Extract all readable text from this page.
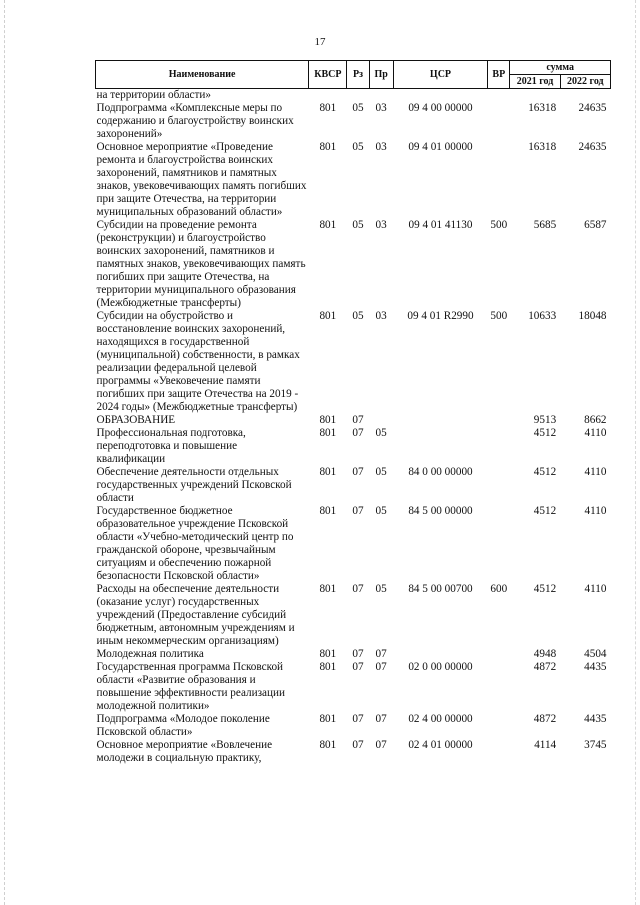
17
Наименование	КВСР	Рз	Пр	ЦСР	ВР	сумма	
						2021 год	2022 год
на территории области»							
Подпрограмма «Комплексные меры по содержанию и благоустройству воинских захоронений»	801	05	03	09 4 00 00000		16318	24635
Основное мероприятие «Проведение ремонта и благоустройства воинских захоронений, памятников и памятных знаков, увековечивающих память погибших при защите Отечества, на территории муниципальных образований области»	801	05	03	09 4 01 00000		16318	24635
Субсидии на проведение ремонта (реконструкции) и благоустройство воинских захоронений, памятников и памятных знаков, увековечивающих память погибших при защите Отечества, на территории муниципального образования (Межбюджетные трансферты)	801	05	03	09 4 01 41130	500	5685	6587
Субсидии на обустройство и восстановление воинских захоронений, находящихся в государственной (муниципальной) собственности, в рамках реализации федеральной целевой программы «Увековечение памяти погибших при защите Отечества на 2019 - 2024 годы» (Межбюджетные трансферты)	801	05	03	09 4 01 R2990	500	10633	18048
ОБРАЗОВАНИЕ	801	07				9513	8662
Профессиональная подготовка, переподготовка и повышение квалификации	801	07	05			4512	4110
Обеспечение деятельности отдельных государственных учреждений Псковской области	801	07	05	84 0 00 00000		4512	4110
Государственное бюджетное образовательное учреждение Псковской области «Учебно-методический центр по гражданской обороне, чрезвычайным ситуациям и обеспечению пожарной безопасности Псковской области»	801	07	05	84 5 00 00000		4512	4110
Расходы на обеспечение деятельности (оказание услуг) государственных учреждений (Предоставление субсидий бюджетным, автономным учреждениям и иным некоммерческим организациям)	801	07	05	84 5 00 00700	600	4512	4110
Молодежная политика	801	07	07			4948	4504
Государственная программа Псковской области «Развитие образования и повышение эффективности реализации молодежной политики»	801	07	07	02 0 00 00000		4872	4435
Подпрограмма «Молодое поколение Псковской области»	801	07	07	02 4 00 00000		4872	4435
Основное мероприятие «Вовлечение молодежи в социальную практику,	801	07	07	02 4 01 00000		4114	3745
